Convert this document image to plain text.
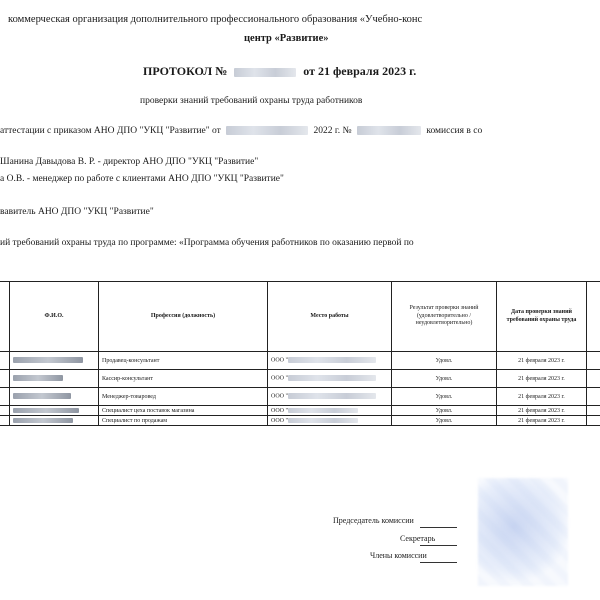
коммерческая организация дополнительного профессионального образования «Учебно-конс
центр «Развитие»
ПРОТОКОЛ №	от 21 февраля 2023 г.
проверки знаний требований охраны труда работников
аттестации с приказом АНО ДПО "УКЦ "Развитие" от	2022 г. №	комиссия в со
Шанина Давыдова В. Р. - директор АНО ДПО "УКЦ "Развитие"
а О.В. - менеджер по работе с клиентами АНО ДПО "УКЦ "Развитие"
вавитель АНО ДПО "УКЦ "Развитие"
ий требований охраны труда по программе: «Программа обучения работников по оказанию первой по
	Ф.И.О.	Профессия (должность)	Место работы	Результат проверки знаний (удовлетворительно / неудовлетворительно)	Дата проверки знаний требований охраны труда	
		Продавец-консультант	ООО "	Удовл.	21 февраля 2023 г.	
		Кассир-консультант	ООО "	Удовл.	21 февраля 2023 г.	
		Менеджер-товаровед	ООО "	Удовл.	21 февраля 2023 г.	
		Специалист цеха поставок магазина	ООО "	Удовл.	21 февраля 2023 г.	
		Специалист по продажам	ООО "	Удовл.	21 февраля 2023 г.	
Председатель комиссии
Секретарь
Члены комиссии
